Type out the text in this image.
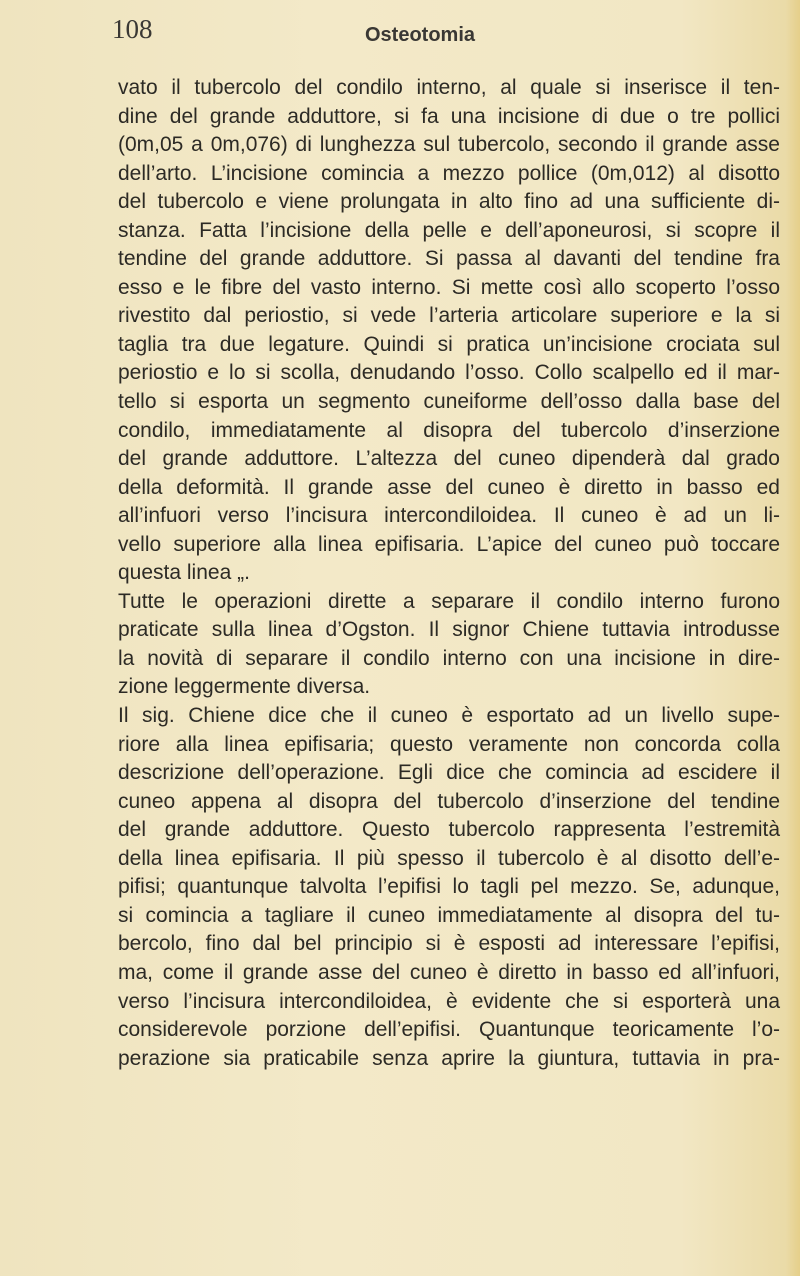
108	Osteotomia
vato il tubercolo del condilo interno, al quale si inserisce il ten-
dine del grande adduttore, si fa una incisione di due o tre pollici
(0m,05 a 0m,076) di lunghezza sul tubercolo, secondo il grande asse
dell’arto. L’incisione comincia a mezzo pollice (0m,012) al disotto
del tubercolo e viene prolungata in alto fino ad una sufficiente di-
stanza. Fatta l’incisione della pelle e dell’aponeurosi, si scopre il
tendine del grande adduttore. Si passa al davanti del tendine fra
esso e le fibre del vasto interno. Si mette così allo scoperto l’osso
rivestito dal periostio, si vede l’arteria articolare superiore e la si
taglia tra due legature. Quindi si pratica un’incisione crociata sul
periostio e lo si scolla, denudando l’osso. Collo scalpello ed il mar-
tello si esporta un segmento cuneiforme dell’osso dalla base del
condilo, immediatamente al disopra del tubercolo d’inserzione
del grande adduttore. L’altezza del cuneo dipenderà dal grado
della deformità. Il grande asse del cuneo è diretto in basso ed
all’infuori verso l’incisura intercondiloidea. Il cuneo è ad un li-
vello superiore alla linea epifisaria. L’apice del cuneo può toccare
questa linea „.
Tutte le operazioni dirette a separare il condilo interno furono
praticate sulla linea d’Ogston. Il signor Chiene tuttavia introdusse
la novità di separare il condilo interno con una incisione in dire-
zione leggermente diversa.
Il sig. Chiene dice che il cuneo è esportato ad un livello supe-
riore alla linea epifisaria; questo veramente non concorda colla
descrizione dell’operazione. Egli dice che comincia ad escidere il
cuneo appena al disopra del tubercolo d’inserzione del tendine
del grande adduttore. Questo tubercolo rappresenta l’estremità
della linea epifisaria. Il più spesso il tubercolo è al disotto dell’e-
pifisi; quantunque talvolta l’epifisi lo tagli pel mezzo. Se, adunque,
si comincia a tagliare il cuneo immediatamente al disopra del tu-
bercolo, fino dal bel principio si è esposti ad interessare l’epifisi,
ma, come il grande asse del cuneo è diretto in basso ed all’infuori,
verso l’incisura intercondiloidea, è evidente che si esporterà una
considerevole porzione dell’epifisi. Quantunque teoricamente l’o-
perazione sia praticabile senza aprire la giuntura, tuttavia in pra-
